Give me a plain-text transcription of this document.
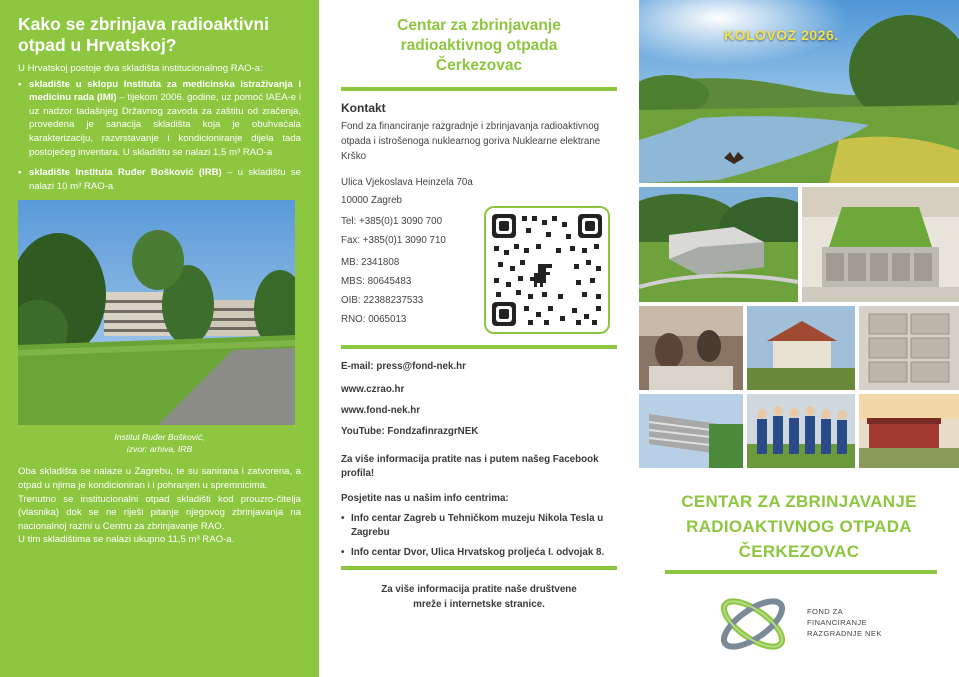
Kako se zbrinjava radioaktivni otpad u Hrvatskoj?
U Hrvatskoj postoje dva skladišta institucionalnog RAO-a:
• skladište u sklopu Instituta za medicinska istraživanja i medicinu rada (IMI) – tijekom 2006. godine, uz pomoć IAEA-e i uz nadzor tadašnjeg Državnog zavoda za zaštitu od zračenja, provedena je sanacija skladišta koja je obuhvaćala karakterizaciju, razvrstavanje i kondicioniranje dijela tada postojećeg inventara. U skladištu se nalazi 1,5 m³ RAO-a
• skladište Instituta Ruđer Bošković (IRB) – u skladištu se nalazi 10 m³ RAO-a
Institut Ruđer Bošković,
izvor: arhiva, IRB

Oba skladišta se nalaze u Zagrebu, te su sanirana i zatvorena, a otpad u njima je kondicioniran i i pohranjen u spremnicima.

Trenutno se institucionalni otpad skladišti kod prouzro-čitelja (vlasnika) dok se ne riješi pitanje njegovog zbrinjavanja na nacionalnoj razini u Centru za zbrinjavanje RAO.

U tim skladištima se nalazi ukupno 11,5 m³ RAO-a.

Centar za zbrinjavanje radioaktivnog otpada Čerkezovac
Kontakt
Fond za financiranje razgradnje i zbrinjavanja radioaktivnog otpada i istrošenoga nuklearnog goriva Nuklearne elektrane Krško
Ulica Vjekoslava Heinzela 70a
10000 Zagreb
Tel: +385(0)1 3090 700
Fax: +385(0)1 3090 710
MB: 2341808
MBS: 80645483
OIB: 22388237533
RNO: 0065013
E-mail: press@fond-nek.hr
www.czrao.hr
www.fond-nek.hr
YouTube: FondzafinrazgrNEK
Za više informacija pratite nas i putem našeg Facebook profila!
Posjetite nas u našim info centrima:
• Info centar Zagreb u Tehničkom muzeju Nikola Tesla u Zagrebu
• Info centar Dvor, Ulica Hrvatskog proljeća I. odvojak 8.
Za više informacija pratite naše društvene mreže i internetske stranice.
KOLOVOZ 2026.
CENTAR ZA ZBRINJAVANJE RADIOAKTIVNOG OTPADA ČERKEZOVAC
FOND ZA
FINANCIRANJE
RAZGRADNJE NEK
